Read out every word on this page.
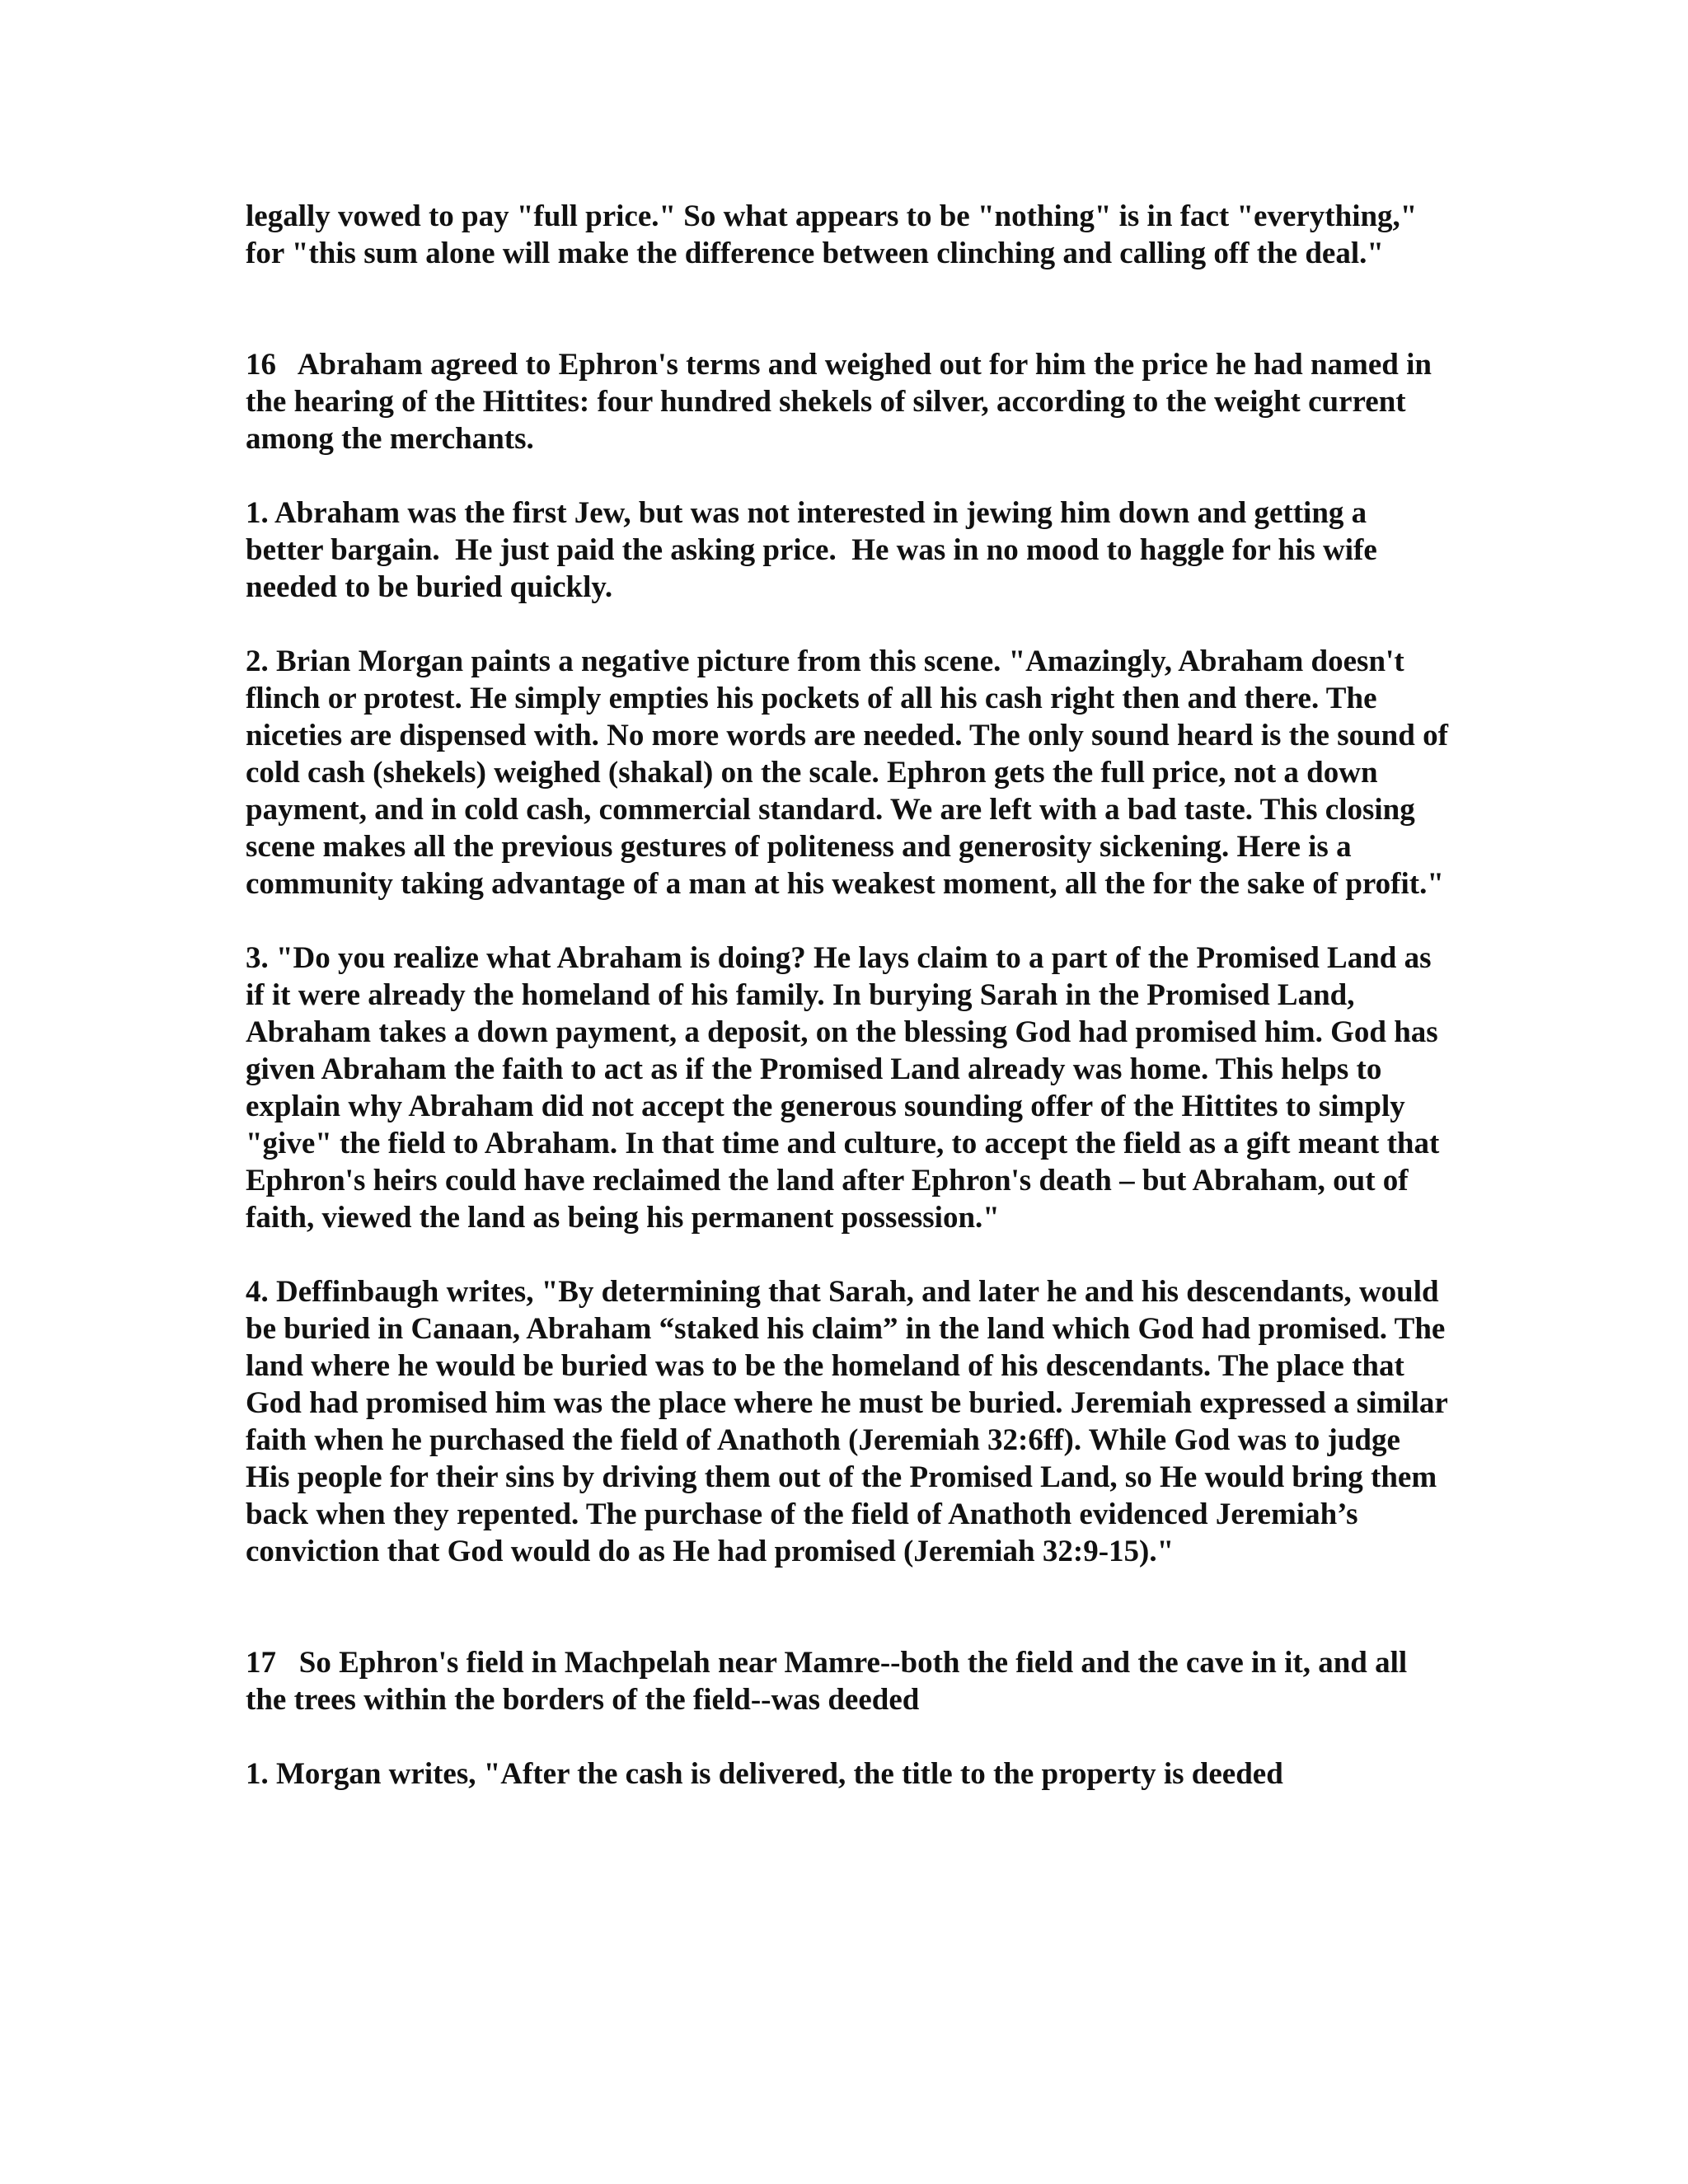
legally vowed to pay "full price." So what appears to be "nothing" is in fact "everything," for "this sum alone will make the difference between clinching and calling off the deal."

16   Abraham agreed to Ephron's terms and weighed out for him the price he had named in the hearing of the Hittites: four hundred shekels of silver, according to the weight current among the merchants.

1. Abraham was the first Jew, but was not interested in jewing him down and getting a better bargain.  He just paid the asking price.  He was in no mood to haggle for his wife needed to be buried quickly.

2. Brian Morgan paints a negative picture from this scene. "Amazingly, Abraham doesn't flinch or protest. He simply empties his pockets of all his cash right then and there. The niceties are dispensed with. No more words are needed. The only sound heard is the sound of cold cash (shekels) weighed (shakal) on the scale. Ephron gets the full price, not a down payment, and in cold cash, commercial standard. We are left with a bad taste. This closing scene makes all the previous gestures of politeness and generosity sickening. Here is a community taking advantage of a man at his weakest moment, all the for the sake of profit."

3. "Do you realize what Abraham is doing? He lays claim to a part of the Promised Land as if it were already the homeland of his family. In burying Sarah in the Promised Land, Abraham takes a down payment, a deposit, on the blessing God had promised him. God has given Abraham the faith to act as if the Promised Land already was home. This helps to explain why Abraham did not accept the generous sounding offer of the Hittites to simply "give" the field to Abraham. In that time and culture, to accept the field as a gift meant that Ephron's heirs could have reclaimed the land after Ephron's death – but Abraham, out of faith, viewed the land as being his permanent possession."

4. Deffinbaugh writes, "By determining that Sarah, and later he and his descendants, would be buried in Canaan, Abraham “staked his claim” in the land which God had promised. The land where he would be buried was to be the homeland of his descendants. The place that God had promised him was the place where he must be buried. Jeremiah expressed a similar faith when he purchased the field of Anathoth (Jeremiah 32:6ff). While God was to judge His people for their sins by driving them out of the Promised Land, so He would bring them back when they repented. The purchase of the field of Anathoth evidenced Jeremiah’s conviction that God would do as He had promised (Jeremiah 32:9-15)."

17   So Ephron's field in Machpelah near Mamre--both the field and the cave in it, and all the trees within the borders of the field--was deeded

1. Morgan writes, "After the cash is delivered, the title to the property is deeded
